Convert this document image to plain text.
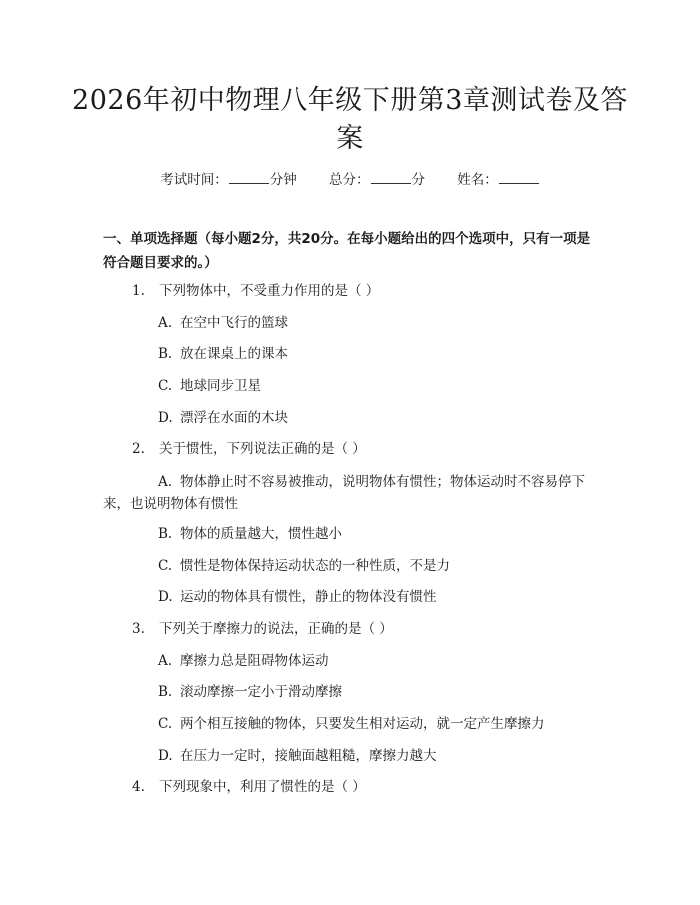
2026年初中物理八年级下册第3章测试卷及答案
考试时间：	分钟 总分：	分 姓名：
一、单项选择题（每小题2分，共20分。在每小题给出的四个选项中，只有一项是符合题目要求的。）
1. 下列物体中，不受重力作用的是（ ）
A. 在空中飞行的篮球
B. 放在课桌上的课本
C. 地球同步卫星
D. 漂浮在水面的木块
2. 关于惯性，下列说法正确的是（ ）
A. 物体静止时不容易被推动，说明物体有惯性；物体运动时不容易停下来，也说明物体有惯性
B. 物体的质量越大，惯性越小
C. 惯性是物体保持运动状态的一种性质，不是力
D. 运动的物体具有惯性，静止的物体没有惯性
3. 下列关于摩擦力的说法，正确的是（ ）
A. 摩擦力总是阻碍物体运动
B. 滚动摩擦一定小于滑动摩擦
C. 两个相互接触的物体，只要发生相对运动，就一定产生摩擦力
D. 在压力一定时，接触面越粗糙，摩擦力越大
4. 下列现象中，利用了惯性的是（ ）
